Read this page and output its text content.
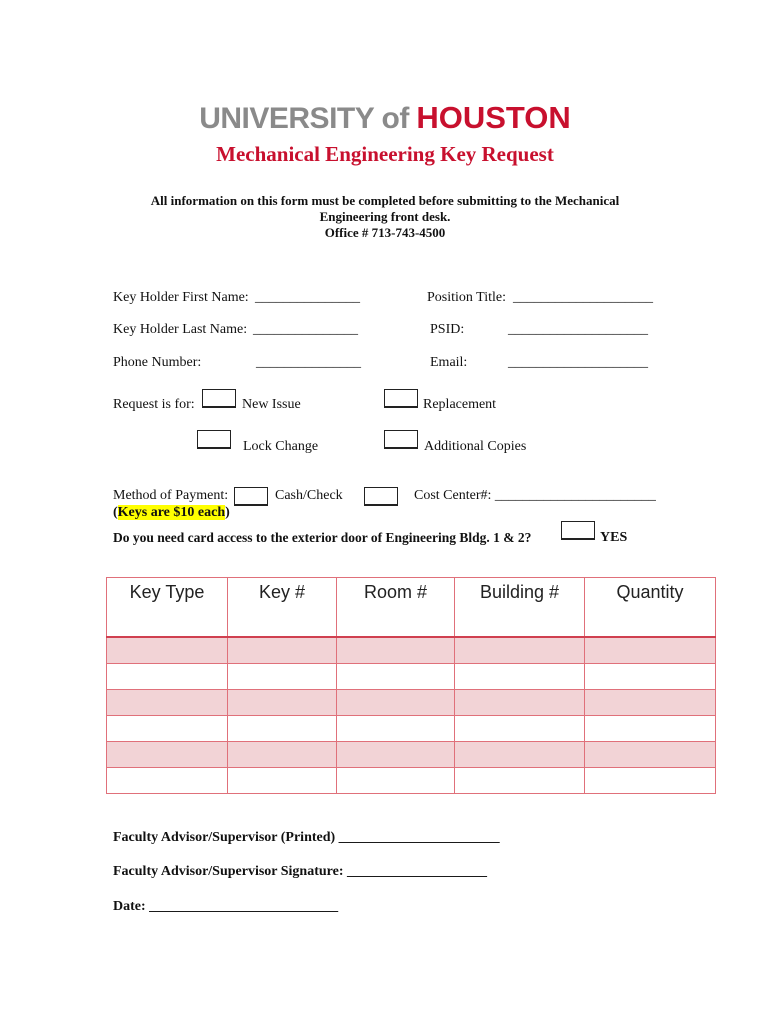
UNIVERSITY of HOUSTON
Mechanical Engineering Key Request
All information on this form must be completed before submitting to the Mechanical
Engineering front desk.
Office # 713-743-4500
Key Holder First Name: _______________	Position Title: ____________________
Key Holder Last Name: _______________	PSID:	____________________
Phone Number:	_______________	Email:	____________________
Request is for:	New Issue	Replacement
Lock Change	Additional Copies
Method of Payment:	Cash/Check	Cost Center#: _______________________
(Keys are $10 each)
Do you need card access to the exterior door of Engineering Bldg. 1 & 2?	YES
Key Type	Key #	Room #	Building #	Quantity

Faculty Advisor/Supervisor (Printed) _______________________
Faculty Advisor/Supervisor Signature: ____________________
Date: ___________________________
